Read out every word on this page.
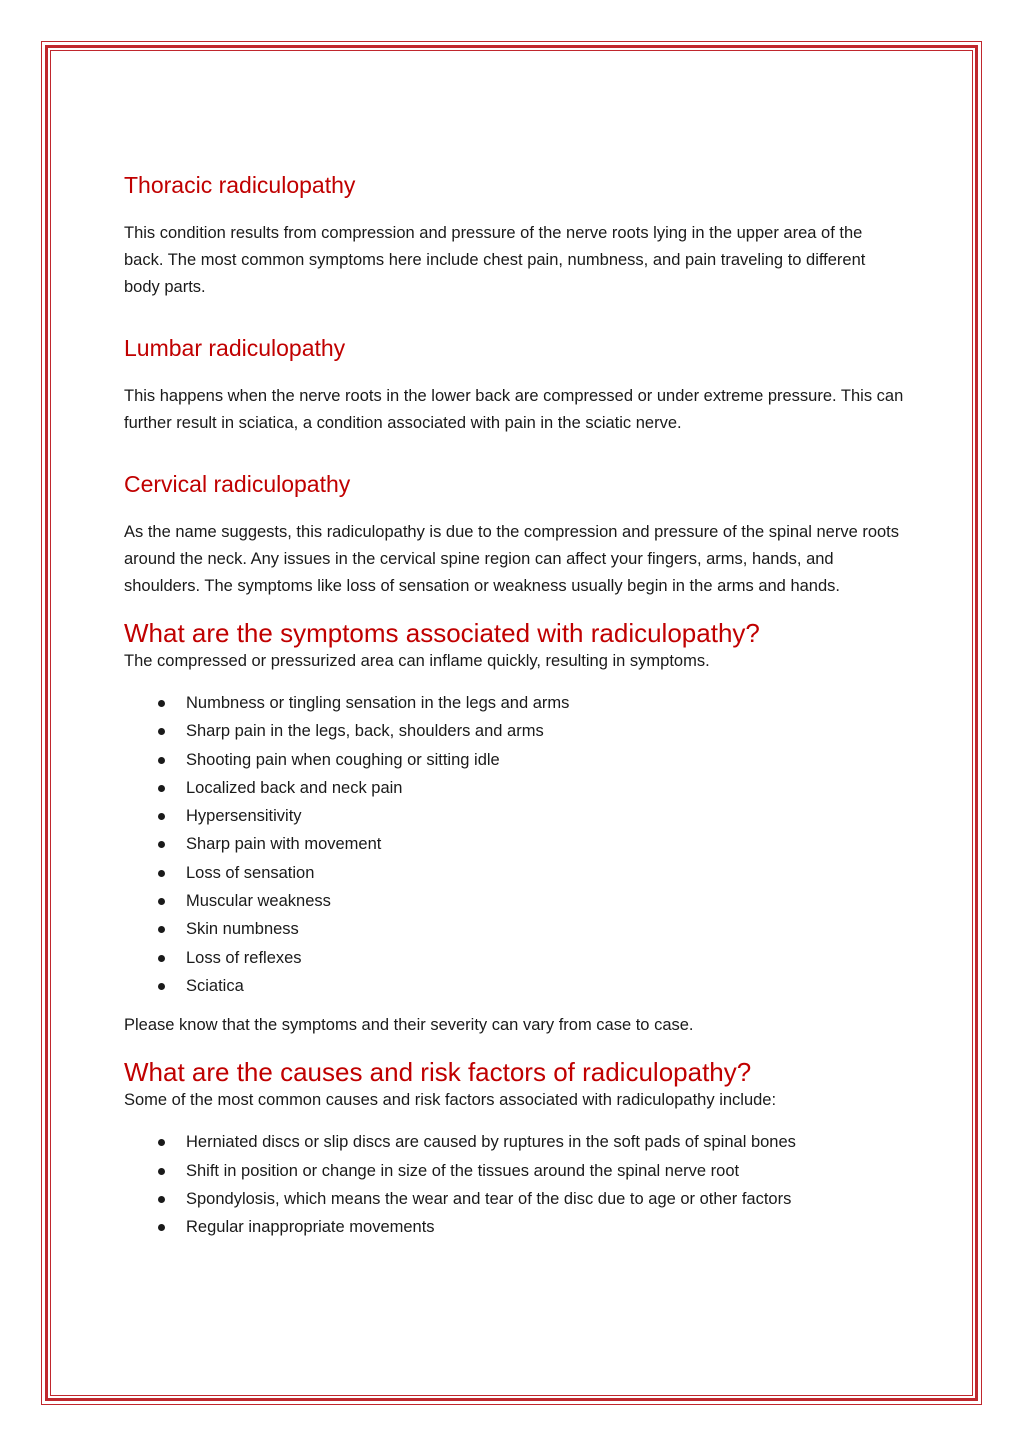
Thoracic radiculopathy

This condition results from compression and pressure of the nerve roots lying in the upper area of the back. The most common symptoms here include chest pain, numbness, and pain traveling to different body parts.

Lumbar radiculopathy

This happens when the nerve roots in the lower back are compressed or under extreme pressure. This can further result in sciatica, a condition associated with pain in the sciatic nerve.

Cervical radiculopathy

As the name suggests, this radiculopathy is due to the compression and pressure of the spinal nerve roots around the neck. Any issues in the cervical spine region can affect your fingers, arms, hands, and shoulders. The symptoms like loss of sensation or weakness usually begin in the arms and hands.

What are the symptoms associated with radiculopathy?

The compressed or pressurized area can inflame quickly, resulting in symptoms.

Numbness or tingling sensation in the legs and arms
Sharp pain in the legs, back, shoulders and arms
Shooting pain when coughing or sitting idle
Localized back and neck pain
Hypersensitivity
Sharp pain with movement
Loss of sensation
Muscular weakness
Skin numbness
Loss of reflexes
Sciatica

Please know that the symptoms and their severity can vary from case to case.

What are the causes and risk factors of radiculopathy?

Some of the most common causes and risk factors associated with radiculopathy include:

Herniated discs or slip discs are caused by ruptures in the soft pads of spinal bones
Shift in position or change in size of the tissues around the spinal nerve root
Spondylosis, which means the wear and tear of the disc due to age or other factors
Regular inappropriate movements
